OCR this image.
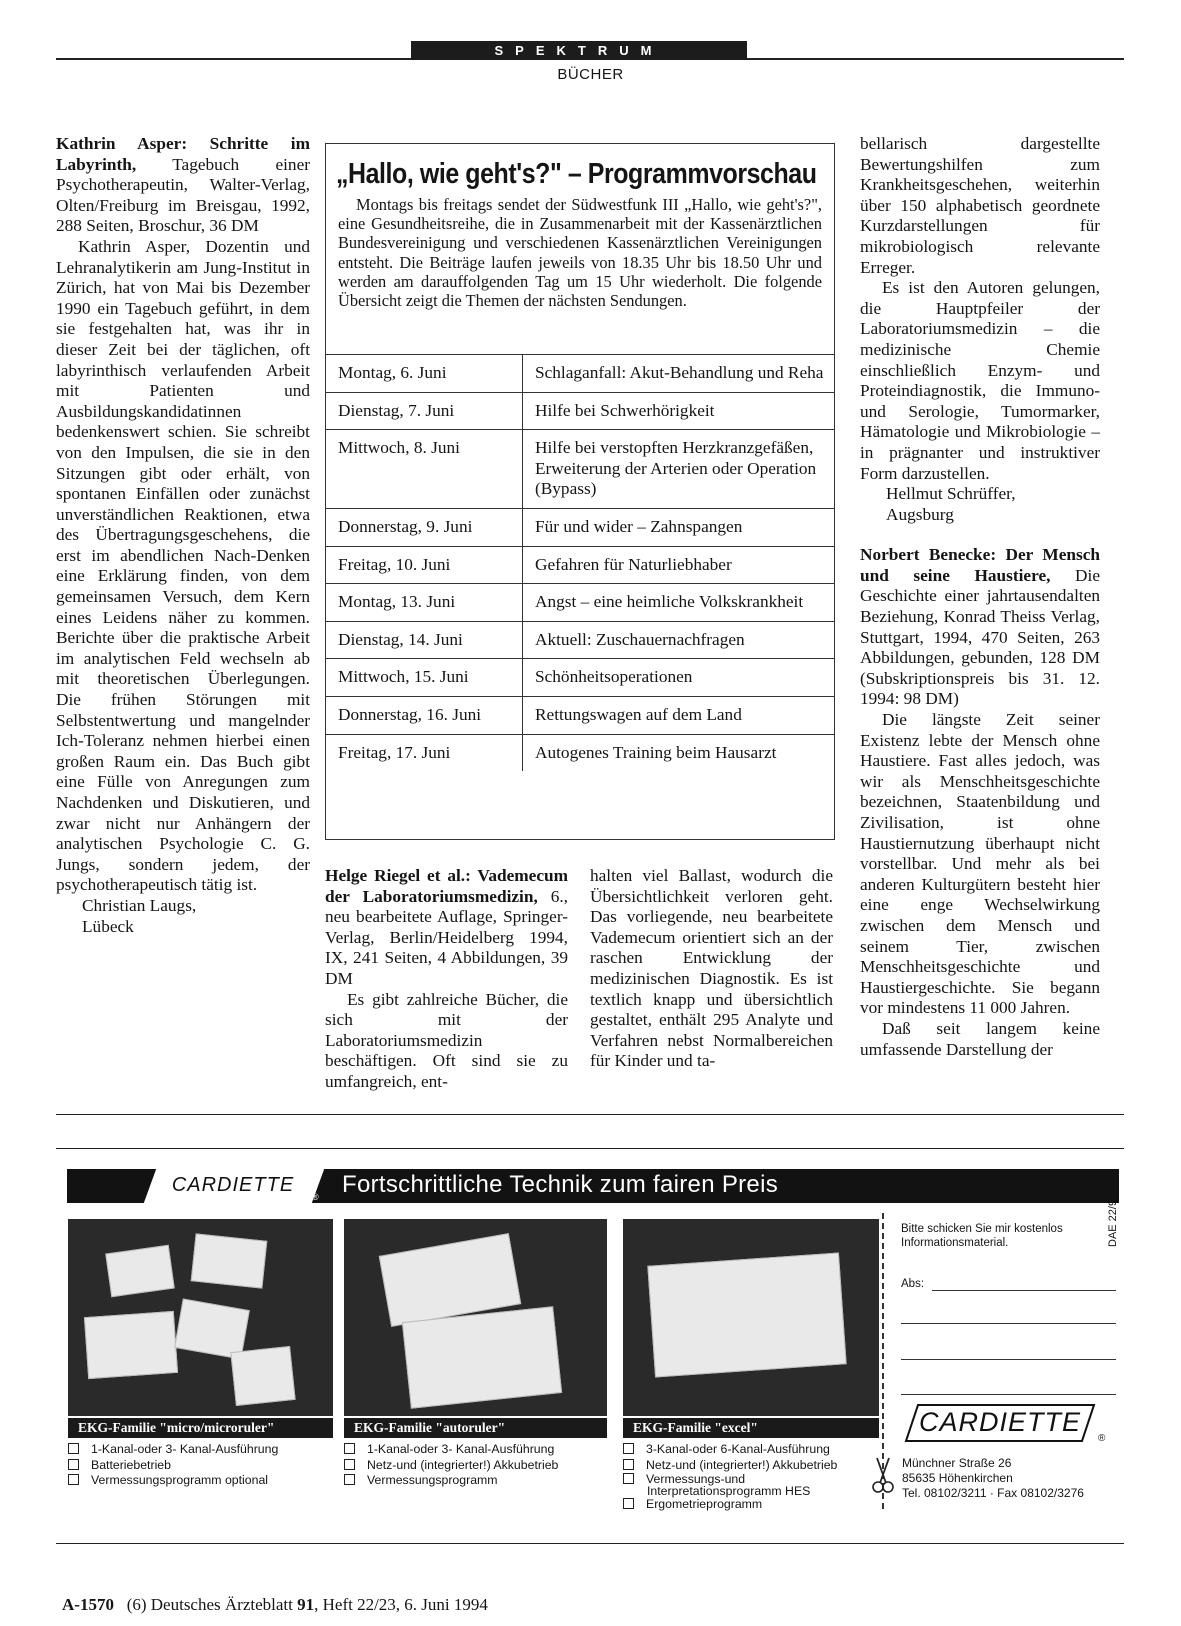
SPEKTRUM
BÜCHER

Kathrin Asper: Schritte im Labyrinth, Tagebuch einer Psychotherapeutin, Walter-Verlag, Olten/Freiburg im Breisgau, 1992, 288 Seiten, Broschur, 36 DM

Kathrin Asper, Dozentin und Lehranalytikerin am Jung-Institut in Zürich, hat von Mai bis Dezember 1990 ein Tagebuch geführt, in dem sie festgehalten hat, was ihr in dieser Zeit bei der täglichen, oft labyrinthisch verlaufenden Arbeit mit Patienten und Ausbildungskandidatinnen bedenkenswert schien. Sie schreibt von den Impulsen, die sie in den Sitzungen gibt oder erhält, von spontanen Einfällen oder zunächst unverständlichen Reaktionen, etwa des Übertragungsgeschehens, die erst im abendlichen Nach-Denken eine Erklärung finden, von dem gemeinsamen Versuch, dem Kern eines Leidens näher zu kommen. Berichte über die praktische Arbeit im analytischen Feld wechseln ab mit theoretischen Überlegungen. Die frühen Störungen mit Selbstentwertung und mangelnder Ich-Toleranz nehmen hierbei einen großen Raum ein. Das Buch gibt eine Fülle von Anregungen zum Nachdenken und Diskutieren, und zwar nicht nur Anhängern der analytischen Psychologie C. G. Jungs, sondern jedem, der psychotherapeutisch tätig ist.

Christian Laugs,

Lübeck

„Hallo, wie geht's?" – Programmvorschau

Montags bis freitags sendet der Südwestfunk III „Hallo, wie geht's?", eine Gesundheitsreihe, die in Zusammenarbeit mit der Kassenärztlichen Bundesvereinigung und verschiedenen Kassenärztlichen Vereinigungen entsteht. Die Beiträge laufen jeweils von 18.35 Uhr bis 18.50 Uhr und werden am darauffolgenden Tag um 15 Uhr wiederholt. Die folgende Übersicht zeigt die Themen der nächsten Sendungen.

Montag, 6. Juni	Schlaganfall: Akut-Behandlung und Reha
Dienstag, 7. Juni	Hilfe bei Schwerhörigkeit
Mittwoch, 8. Juni	Hilfe bei verstopften Herzkranzgefäßen, Erweiterung der Arterien oder Operation (Bypass)
Donnerstag, 9. Juni	Für und wider – Zahnspangen
Freitag, 10. Juni	Gefahren für Naturliebhaber
Montag, 13. Juni	Angst – eine heimliche Volkskrankheit
Dienstag, 14. Juni	Aktuell: Zuschauernachfragen
Mittwoch, 15. Juni	Schönheitsoperationen
Donnerstag, 16. Juni	Rettungswagen auf dem Land
Freitag, 17. Juni	Autogenes Training beim Hausarzt

Helge Riegel et al.: Vademecum der Laboratoriumsmedizin, 6., neu bearbeitete Auflage, Springer-Verlag, Berlin/Heidelberg 1994, IX, 241 Seiten, 4 Abbildungen, 39 DM

Es gibt zahlreiche Bücher, die sich mit der Laboratoriumsmedizin beschäftigen. Oft sind sie zu umfangreich, ent-

halten viel Ballast, wodurch die Übersichtlichkeit verloren geht. Das vorliegende, neu bearbeitete Vademecum orientiert sich an der raschen Entwicklung der medizinischen Diagnostik. Es ist textlich knapp und übersichtlich gestaltet, enthält 295 Analyte und Verfahren nebst Normalbereichen für Kinder und ta-

bellarisch dargestellte Bewertungshilfen zum Krankheitsgeschehen, weiterhin über 150 alphabetisch geordnete Kurzdarstellungen für mikrobiologisch relevante Erreger.

Es ist den Autoren gelungen, die Hauptpfeiler der Laboratoriumsmedizin – die medizinische Chemie einschließlich Enzym- und Proteindiagnostik, die Immuno- und Serologie, Tumormarker, Hämatologie und Mikrobiologie – in prägnanter und instruktiver Form darzustellen.

Hellmut Schrüffer,

Augsburg

Norbert Benecke: Der Mensch und seine Haustiere, Die Geschichte einer jahrtausendalten Beziehung, Konrad Theiss Verlag, Stuttgart, 1994, 470 Seiten, 263 Abbildungen, gebunden, 128 DM (Subskriptionspreis bis 31. 12. 1994: 98 DM)

Die längste Zeit seiner Existenz lebte der Mensch ohne Haustiere. Fast alles jedoch, was wir als Menschheitsgeschichte bezeichnen, Staatenbildung und Zivilisation, ist ohne Haustiernutzung überhaupt nicht vorstellbar. Und mehr als bei anderen Kulturgütern besteht hier eine enge Wechselwirkung zwischen dem Mensch und seinem Tier, zwischen Menschheitsgeschichte und Haustiergeschichte. Sie begann vor mindestens 11 000 Jahren.

Daß seit langem keine umfassende Darstellung der

CARDIETTE
® Fortschrittliche Technik zum fairen Preis
EKG-Familie "micro/microruler"	EKG-Familie "autoruler"	EKG-Familie "excel"
1-Kanal-oder 3- Kanal-Ausführung
Batteriebetrieb
Vermessungsprogramm optional
1-Kanal-oder 3- Kanal-Ausführung
Netz-und (integrierter!) Akkubetrieb
Vermessungsprogramm
3-Kanal-oder 6-Kanal-Ausführung
Netz-und (integrierter!) Akkubetrieb
Vermessungs-und Interpretationsprogramm HES
Ergometrieprogramm
Bitte schicken Sie mir kostenlos Informationsmaterial.
Abs:
DAE 22/94
CARDIETTE
®
Münchner Straße 26
85635 Höhenkirchen
Tel. 08102/3211 · Fax 08102/3276
A-1570 (6) Deutsches Ärzteblatt 91, Heft 22/23, 6. Juni 1994
